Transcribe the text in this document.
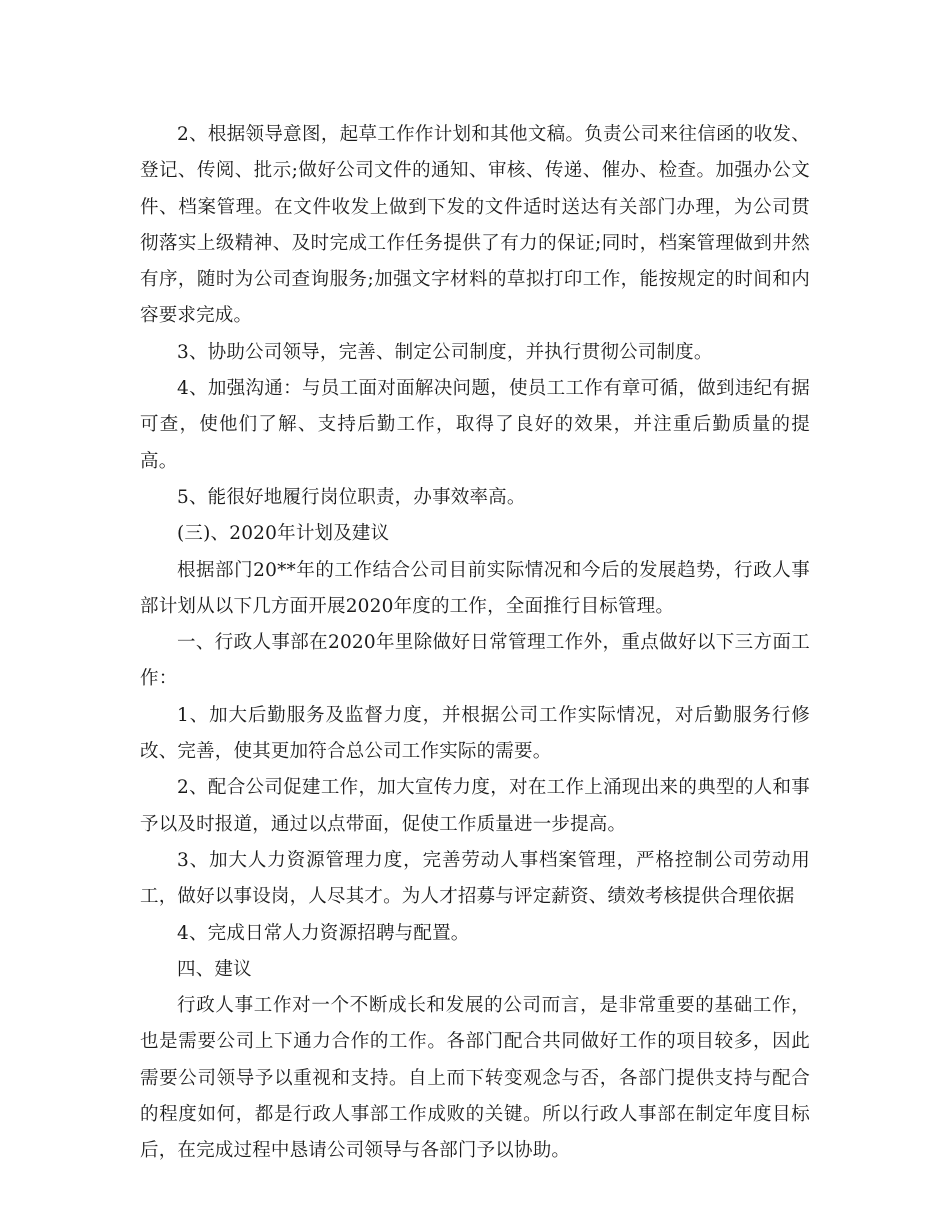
2、根据领导意图，起草工作作计划和其他文稿。负责公司来往信函的收发、登记、传阅、批示;做好公司文件的通知、审核、传递、催办、检查。加强办公文件、档案管理。在文件收发上做到下发的文件适时送达有关部门办理，为公司贯彻落实上级精神、及时完成工作任务提供了有力的保证;同时，档案管理做到井然有序，随时为公司查询服务;加强文字材料的草拟打印工作，能按规定的时间和内容要求完成。

3、协助公司领导，完善、制定公司制度，并执行贯彻公司制度。

4、加强沟通：与员工面对面解决问题，使员工工作有章可循，做到违纪有据可查，使他们了解、支持后勤工作，取得了良好的效果，并注重后勤质量的提高。

5、能很好地履行岗位职责，办事效率高。

(三)、2020年计划及建议

根据部门20**年的工作结合公司目前实际情况和今后的发展趋势，行政人事部计划从以下几方面开展2020年度的工作，全面推行目标管理。

一、行政人事部在2020年里除做好日常管理工作外，重点做好以下三方面工作：

1、加大后勤服务及监督力度，并根据公司工作实际情况，对后勤服务行修改、完善，使其更加符合总公司工作实际的需要。

2、配合公司促建工作，加大宣传力度，对在工作上涌现出来的典型的人和事予以及时报道，通过以点带面，促使工作质量进一步提高。

3、加大人力资源管理力度，完善劳动人事档案管理，严格控制公司劳动用工，做好以事设岗，人尽其才。为人才招募与评定薪资、绩效考核提供合理依据

4、完成日常人力资源招聘与配置。

四、建议

行政人事工作对一个不断成长和发展的公司而言，是非常重要的基础工作，也是需要公司上下通力合作的工作。各部门配合共同做好工作的项目较多，因此需要公司领导予以重视和支持。自上而下转变观念与否，各部门提供支持与配合的程度如何，都是行政人事部工作成败的关键。所以行政人事部在制定年度目标后，在完成过程中恳请公司领导与各部门予以协助。
